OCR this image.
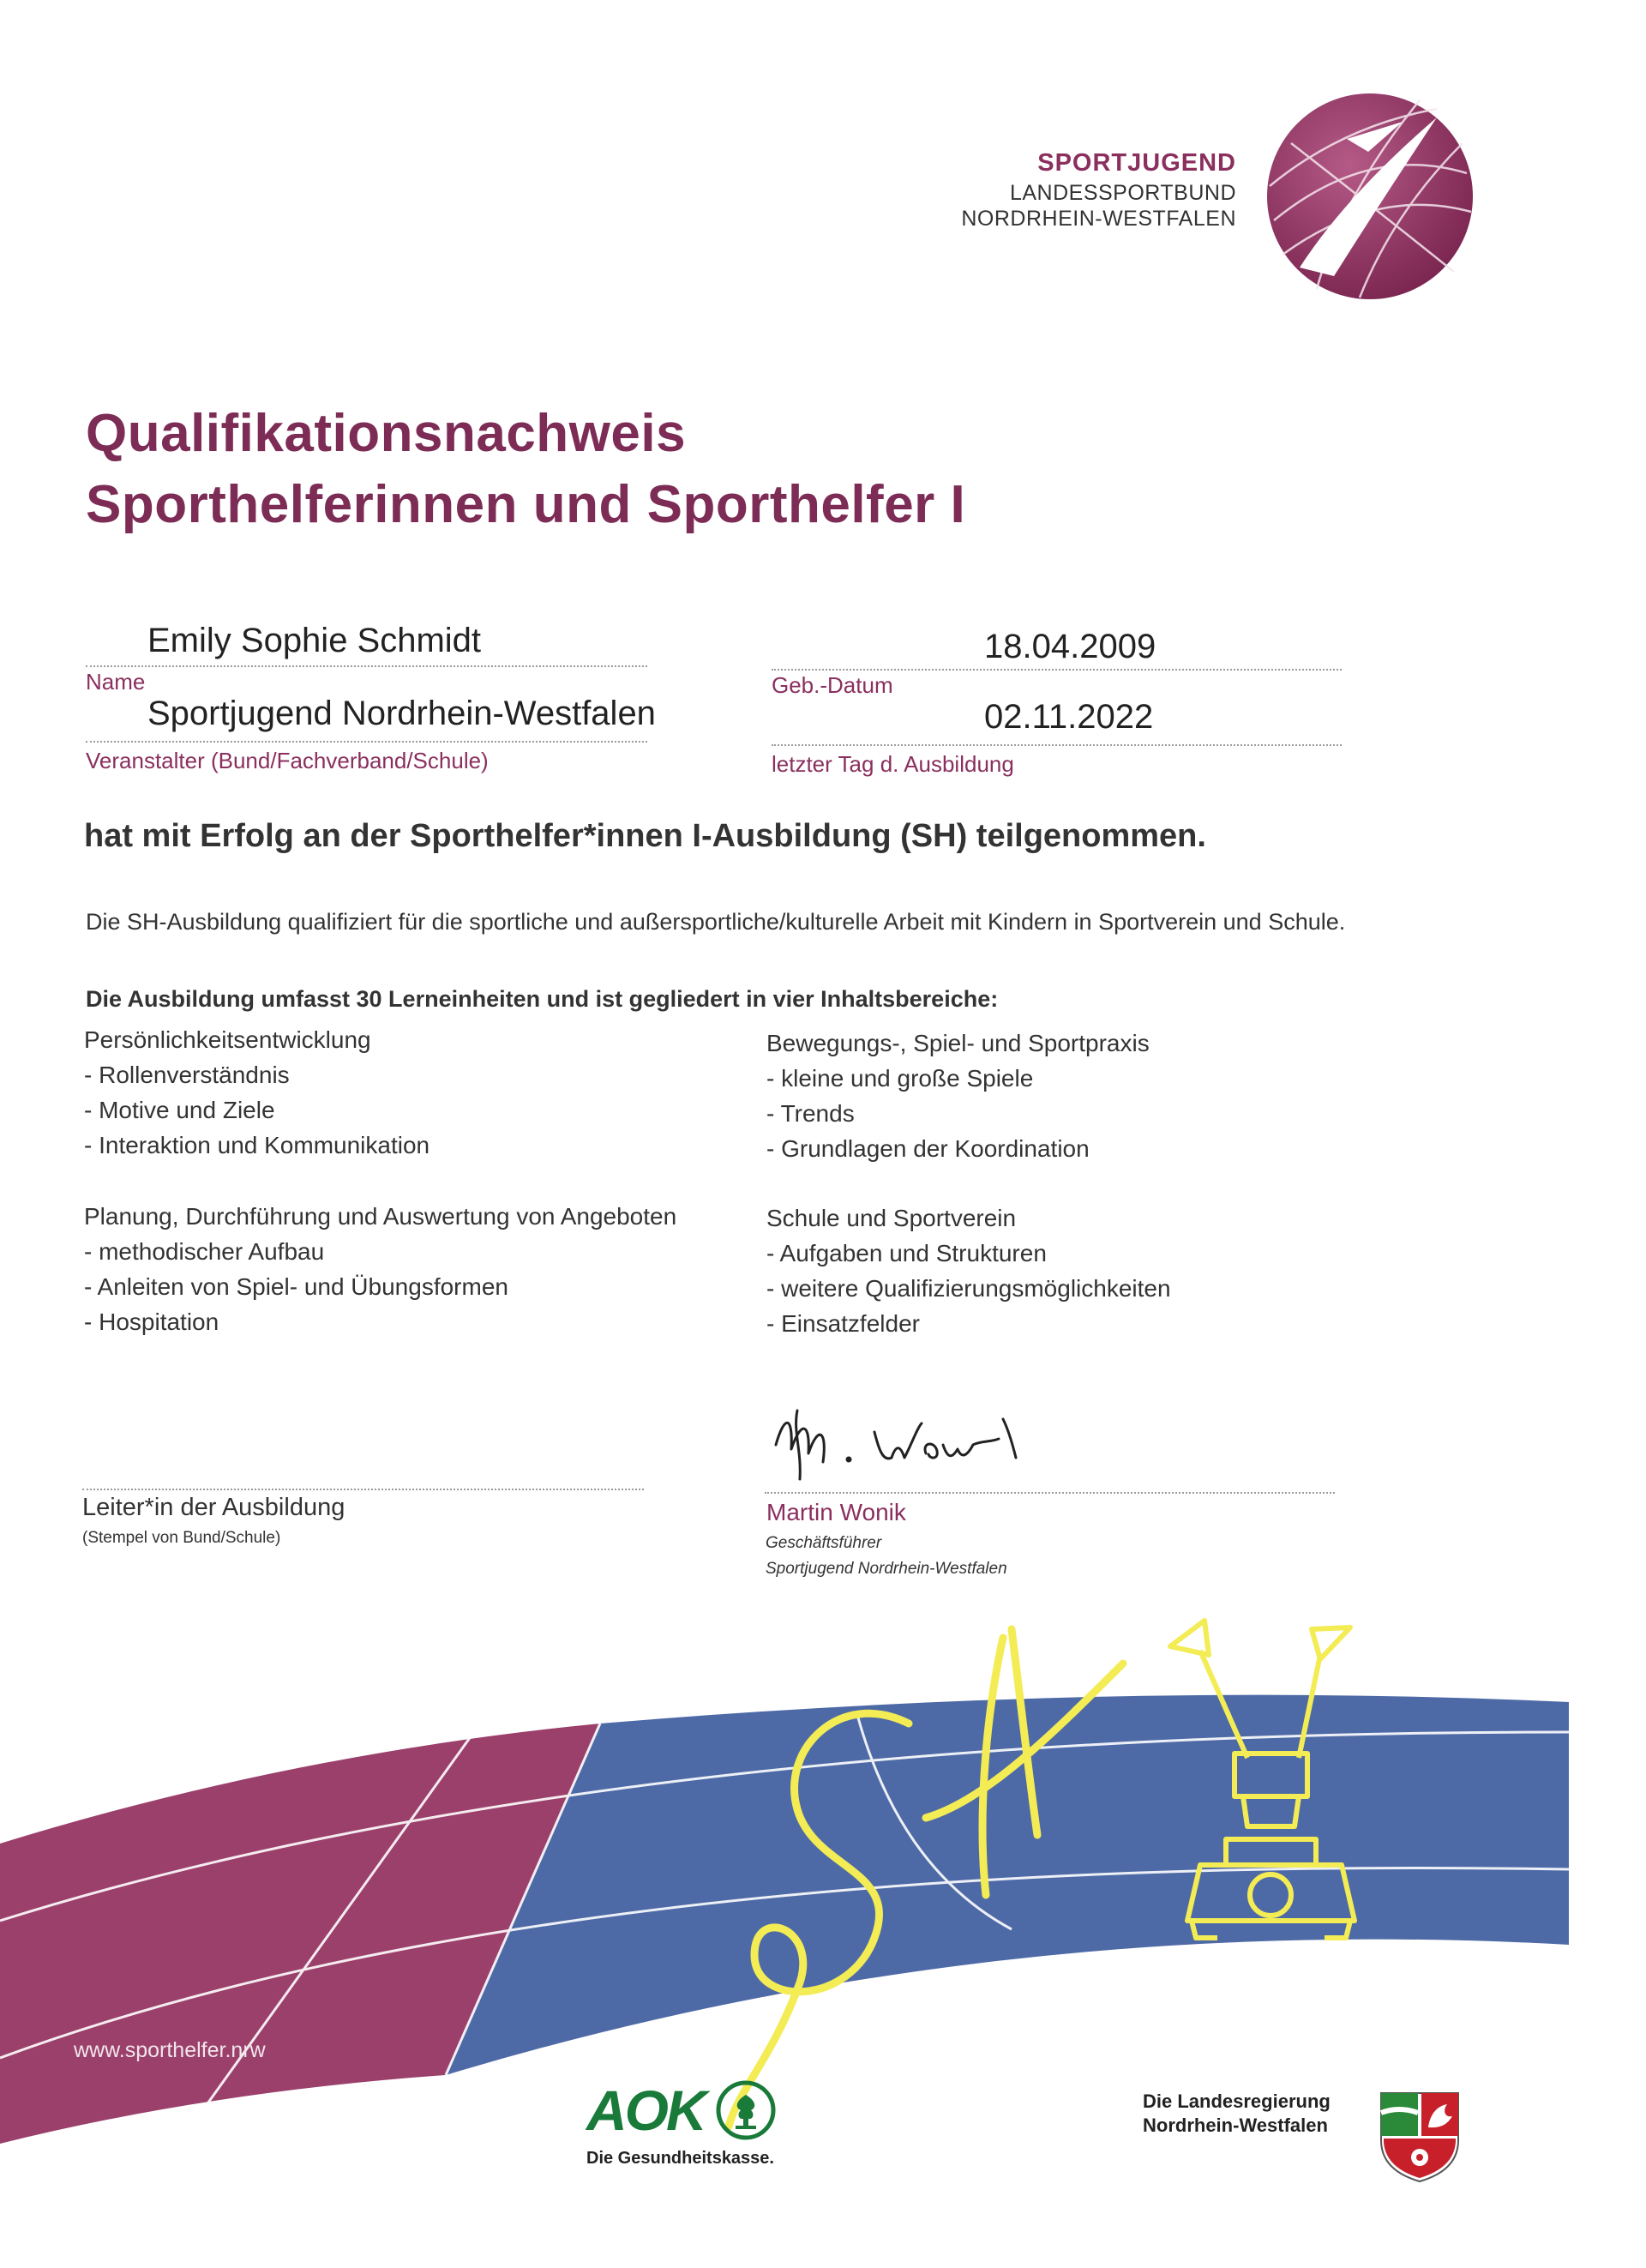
SPORTJUGEND
LANDESSPORTBUND
NORDRHEIN-WESTFALEN
Qualifikationsnachweis
Sporthelferinnen und Sporthelfer I
Emily Sophie Schmidt
Name
18.04.2009
Geb.-Datum
Sportjugend Nordrhein-Westfalen
Veranstalter (Bund/Fachverband/Schule)
02.11.2022
letzter Tag d. Ausbildung
hat mit Erfolg an der Sporthelfer*innen I-Ausbildung (SH) teilgenommen.
Die SH-Ausbildung qualifiziert für die sportliche und außersportliche/kulturelle Arbeit mit Kindern in Sportverein und Schule.
Die Ausbildung umfasst 30 Lerneinheiten und ist gegliedert in vier Inhaltsbereiche:
Persönlichkeitsentwicklung
- Rollenverständnis
- Motive und Ziele
- Interaktion und Kommunikation
Planung, Durchführung und Auswertung von Angeboten
- methodischer Aufbau
- Anleiten von Spiel- und Übungsformen
- Hospitation
Bewegungs-, Spiel- und Sportpraxis
- kleine und große Spiele
- Trends
- Grundlagen der Koordination
Schule und Sportverein
- Aufgaben und Strukturen
- weitere Qualifizierungsmöglichkeiten
- Einsatzfelder
Leiter*in der Ausbildung
(Stempel von Bund/Schule)
Martin Wonik
Geschäftsführer
Sportjugend Nordrhein-Westfalen
www.sporthelfer.nrw
AOK
Die Gesundheitskasse.
Die Landesregierung
Nordrhein-Westfalen
